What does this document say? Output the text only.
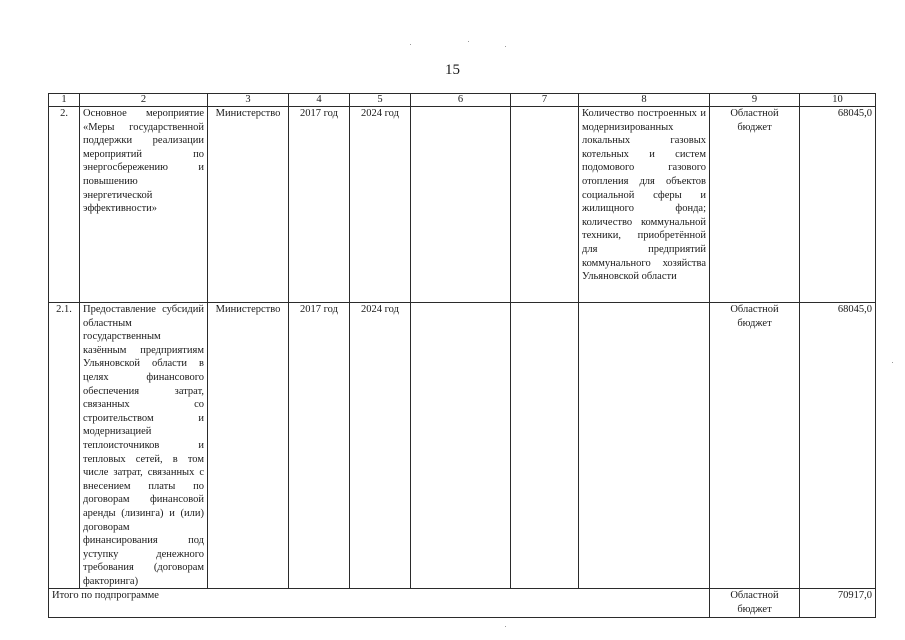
15
1	2	3	4	5	6	7	8	9	10
2.	Основное мероприятие «Меры государственной поддержки реализации мероприятий по энергосбережению и повышению энергетической эффективности»	Министерство	2017 год	2024 год			Количество построенных и модернизированных локальных газовых котельных и систем подомового газового отопления для объектов социальной сферы и жилищного фонда; количество коммунальной техники, приобретённой для предприятий коммунального хозяйства Ульяновской области	Областной бюджет	68045,0
2.1.	Предоставление субсидий областным государственным казённым предприятиям Ульяновской области в целях финансового обеспечения затрат, связанных со строительством и модернизацией теплоисточников и тепловых сетей, в том числе затрат, связанных с внесением платы по договорам финансовой аренды (лизинга) и (или) договорам финансирования под уступку денежного требования (договорам факторинга)	Министерство	2017 год	2024 год				Областной бюджет	68045,0
Итого по подпрограмме								Областной бюджет	70917,0
